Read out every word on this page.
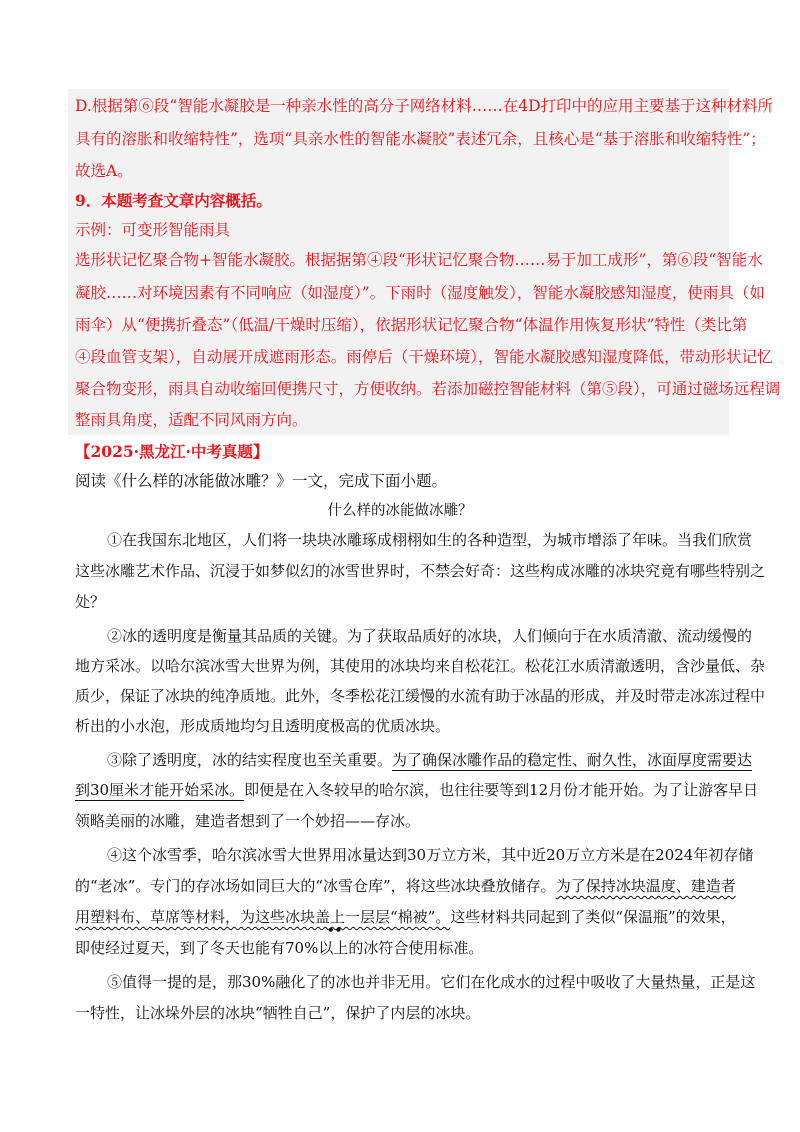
D.根据第⑥段“智能水凝胶是一种亲水性的高分子网络材料……在4D打印中的应用主要基于这种材料所
具有的溶胀和收缩特性”，选项“具亲水性的智能水凝胶”表述冗余，且核心是“基于溶胀和收缩特性”；
故选A。
9．本题考查文章内容概括。
示例：可变形智能雨具
选形状记忆聚合物+智能水凝胶。根据据第④段“形状记忆聚合物……易于加工成形”，第⑥段“智能水
凝胶……对环境因素有不同响应（如湿度）”。下雨时（湿度触发），智能水凝胶感知湿度，使雨具（如
雨伞）从“便携折叠态”（低温/干燥时压缩），依据形状记忆聚合物“体温作用恢复形状”特性（类比第
④段血管支架），自动展开成遮雨形态。雨停后（干燥环境），智能水凝胶感知湿度降低，带动形状记忆
聚合物变形，雨具自动收缩回便携尺寸，方便收纳。若添加磁控智能材料（第⑤段），可通过磁场远程调
整雨具角度，适配不同风雨方向。
【2025·黑龙江·中考真题】
阅读《什么样的冰能做冰雕？》一文，完成下面小题。
什么样的冰能做冰雕？
①在我国东北地区，人们将一块块冰雕琢成栩栩如生的各种造型，为城市增添了年味。当我们欣赏
这些冰雕艺术作品、沉浸于如梦似幻的冰雪世界时，不禁会好奇：这些构成冰雕的冰块究竟有哪些特别之
处？
②冰的透明度是衡量其品质的关键。为了获取品质好的冰块，人们倾向于在水质清澈、流动缓慢的
地方采冰。以哈尔滨冰雪大世界为例，其使用的冰块均来自松花江。松花江水质清澈透明，含沙量低、杂
质少，保证了冰块的纯净质地。此外，冬季松花江缓慢的水流有助于冰晶的形成，并及时带走冰冻过程中
析出的小水泡，形成质地均匀且透明度极高的优质冰块。
③除了透明度，冰的结实程度也至关重要。为了确保冰雕作品的稳定性、耐久性，冰面厚度需要达
到30厘米才能开始采冰。即便是在入冬较早的哈尔滨，也往往要等到12月份才能开始。为了让游客早日
领略美丽的冰雕，建造者想到了一个妙招——存冰。
④这个冰雪季，哈尔滨冰雪大世界用冰量达到30万立方米，其中近20万立方米是在2024年初存储
的“老冰”。专门的存冰场如同巨大的“冰雪仓库”，将这些冰块叠放储存。为了保持冰块温度、建造者
用塑料布、草席等材料，为这些冰块盖上一层层“棉被”。这些材料共同起到了类似“保温瓶”的效果，
••
即使经过夏天，到了冬天也能有70%以上的冰符合使用标准。
⑤值得一提的是，那30%融化了的冰也并非无用。它们在化成水的过程中吸收了大量热量，正是这
一特性，让冰垛外层的冰块“牺牲自己”，保护了内层的冰块。
